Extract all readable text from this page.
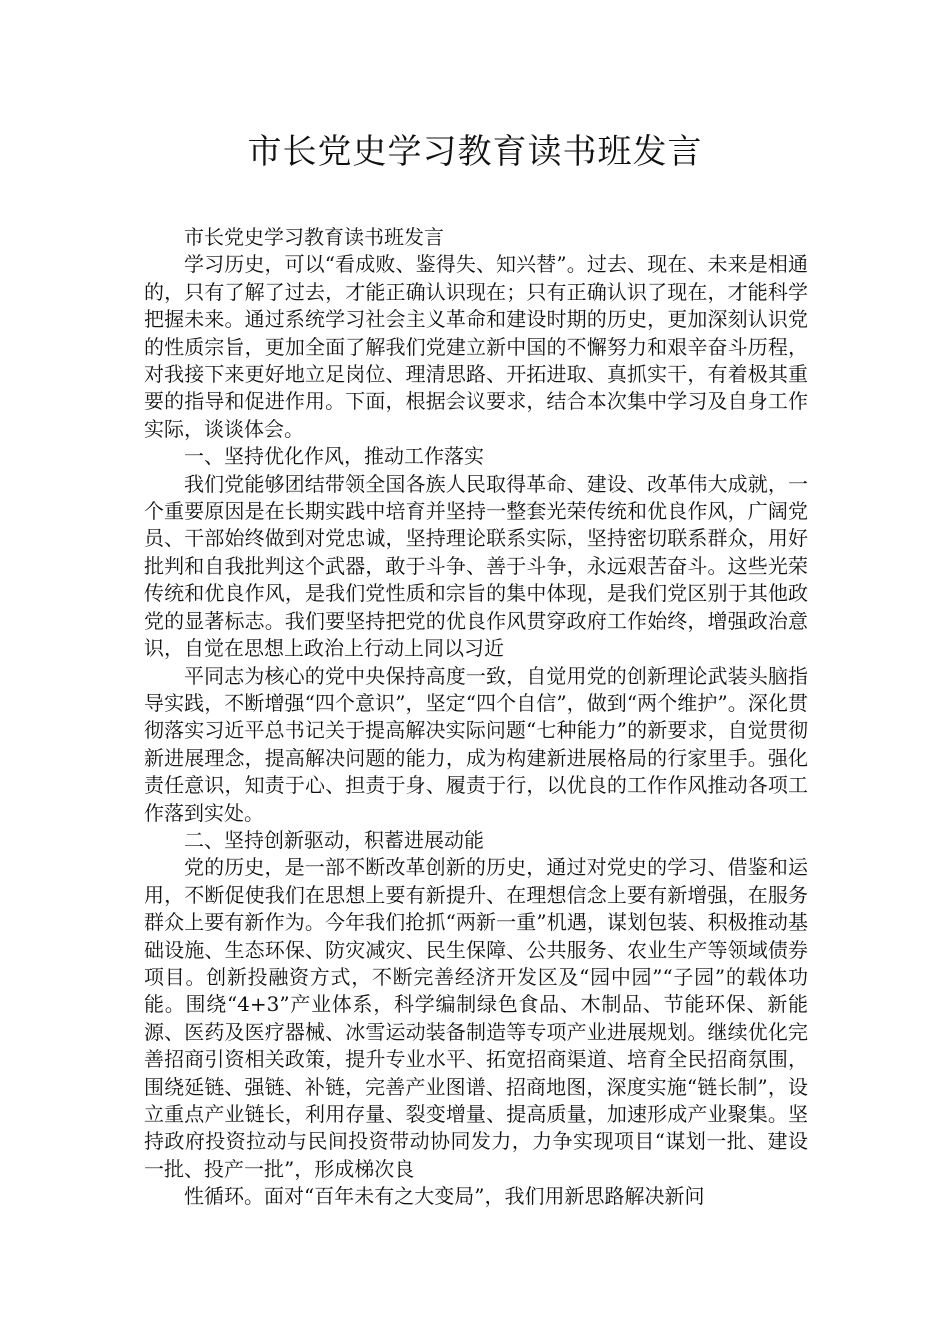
市长党史学习教育读书班发言

市长党史学习教育读书班发言

学习历史，可以“看成败、鉴得失、知兴替”。过去、现在、未来是相通的，只有了解了过去，才能正确认识现在；只有正确认识了现在，才能科学把握未来。通过系统学习社会主义革命和建设时期的历史，更加深刻认识党的性质宗旨，更加全面了解我们党建立新中国的不懈努力和艰辛奋斗历程，对我接下来更好地立足岗位、理清思路、开拓进取、真抓实干，有着极其重要的指导和促进作用。下面，根据会议要求，结合本次集中学习及自身工作实际，谈谈体会。

一、坚持优化作风，推动工作落实

我们党能够团结带领全国各族人民取得革命、建设、改革伟大成就，一个重要原因是在长期实践中培育并坚持一整套光荣传统和优良作风，广阔党员、干部始终做到对党忠诚，坚持理论联系实际，坚持密切联系群众，用好批判和自我批判这个武器，敢于斗争、善于斗争，永远艰苦奋斗。这些光荣传统和优良作风，是我们党性质和宗旨的集中体现，是我们党区别于其他政党的显著标志。我们要坚持把党的优良作风贯穿政府工作始终，增强政治意识，自觉在思想上政治上行动上同以习近

平同志为核心的党中央保持高度一致，自觉用党的创新理论武装头脑指导实践，不断增强“四个意识”，坚定“四个自信”，做到“两个维护”。深化贯彻落实习近平总书记关于提高解决实际问题“七种能力”的新要求，自觉贯彻新进展理念，提高解决问题的能力，成为构建新进展格局的行家里手。强化责任意识，知责于心、担责于身、履责于行，以优良的工作作风推动各项工作落到实处。

二、坚持创新驱动，积蓄进展动能

党的历史，是一部不断改革创新的历史，通过对党史的学习、借鉴和运用，不断促使我们在思想上要有新提升、在理想信念上要有新增强，在服务群众上要有新作为。今年我们抢抓“两新一重”机遇，谋划包装、积极推动基础设施、生态环保、防灾减灾、民生保障、公共服务、农业生产等领域债券项目。创新投融资方式，不断完善经济开发区及“园中园”“子园”的载体功能。围绕“4+3”产业体系，科学编制绿色食品、木制品、节能环保、新能源、医药及医疗器械、冰雪运动装备制造等专项产业进展规划。继续优化完善招商引资相关政策，提升专业水平、拓宽招商渠道、培育全民招商氛围，围绕延链、强链、补链，完善产业图谱、招商地图，深度实施“链长制”，设立重点产业链长，利用存量、裂变增量、提高质量，加速形成产业聚集。坚持政府投资拉动与民间投资带动协同发力，力争实现项目“谋划一批、建设一批、投产一批”，形成梯次良

性循环。面对“百年未有之大变局”，我们用新思路解决新问
